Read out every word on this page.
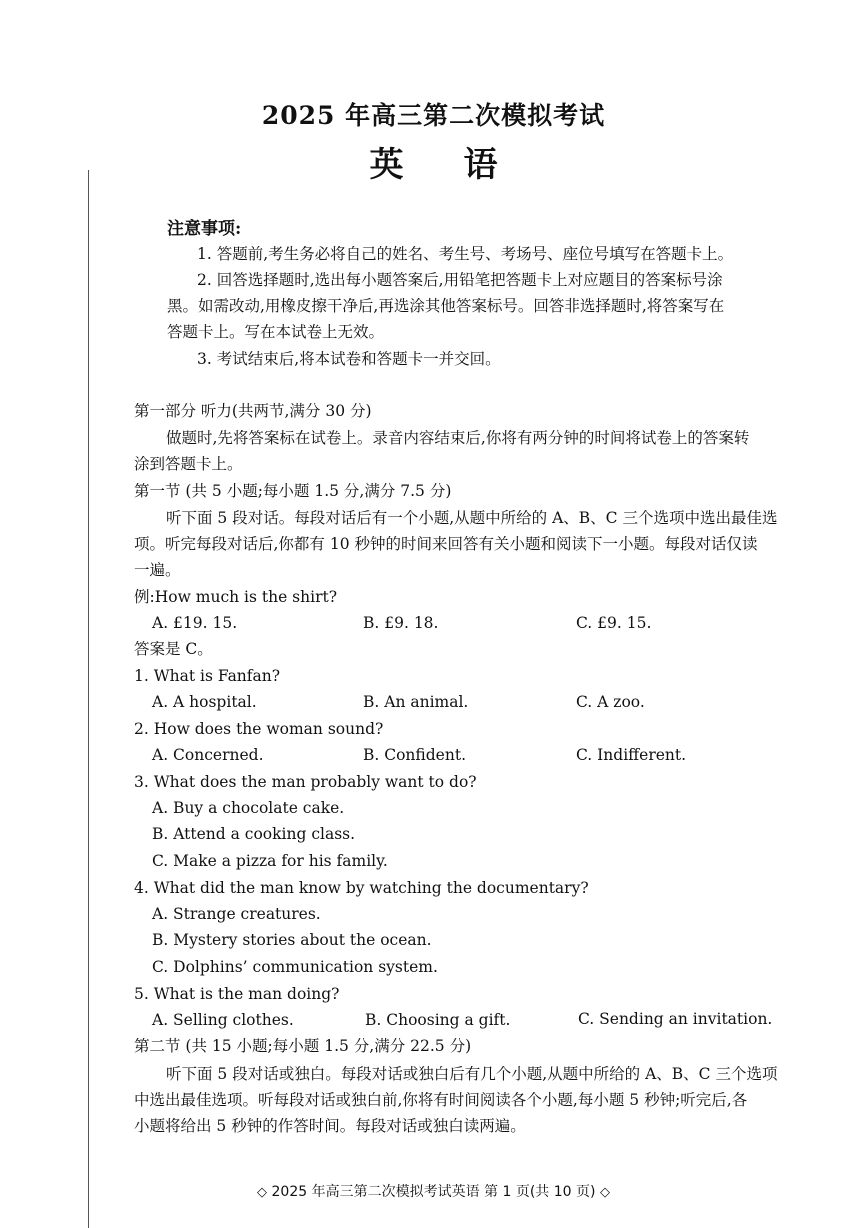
2025 年高三第二次模拟考试
英语
注意事项:
1. 答题前,考生务必将自己的姓名、考生号、考场号、座位号填写在答题卡上。
2. 回答选择题时,选出每小题答案后,用铅笔把答题卡上对应题目的答案标号涂
黑。如需改动,用橡皮擦干净后,再选涂其他答案标号。回答非选择题时,将答案写在
答题卡上。写在本试卷上无效。
3. 考试结束后,将本试卷和答题卡一并交回。
第一部分 听力(共两节,满分 30 分)
做题时,先将答案标在试卷上。录音内容结束后,你将有两分钟的时间将试卷上的答案转
涂到答题卡上。
第一节 (共 5 小题;每小题 1.5 分,满分 7.5 分)
听下面 5 段对话。每段对话后有一个小题,从题中所给的 A、B、C 三个选项中选出最佳选
项。听完每段对话后,你都有 10 秒钟的时间来回答有关小题和阅读下一小题。每段对话仅读
一遍。
例:How much is the shirt?
A. £19. 15.	B. £9. 18.	C. £9. 15.
答案是 C。
1. What is Fanfan?
A. A hospital.	B. An animal.	C. A zoo.
2. How does the woman sound?
A. Concerned.	B. Confident.	C. Indifferent.
3. What does the man probably want to do?
A. Buy a chocolate cake.
B. Attend a cooking class.
C. Make a pizza for his family.
4. What did the man know by watching the documentary?
A. Strange creatures.
B. Mystery stories about the ocean.
C. Dolphins’ communication system.
5. What is the man doing?
A. Selling clothes.	B. Choosing a gift.	C. Sending an invitation.
第二节 (共 15 小题;每小题 1.5 分,满分 22.5 分)
听下面 5 段对话或独白。每段对话或独白后有几个小题,从题中所给的 A、B、C 三个选项
中选出最佳选项。听每段对话或独白前,你将有时间阅读各个小题,每小题 5 秒钟;听完后,各
小题将给出 5 秒钟的作答时间。每段对话或独白读两遍。
◇ 2025 年高三第二次模拟考试英语 第 1 页(共 10 页) ◇
